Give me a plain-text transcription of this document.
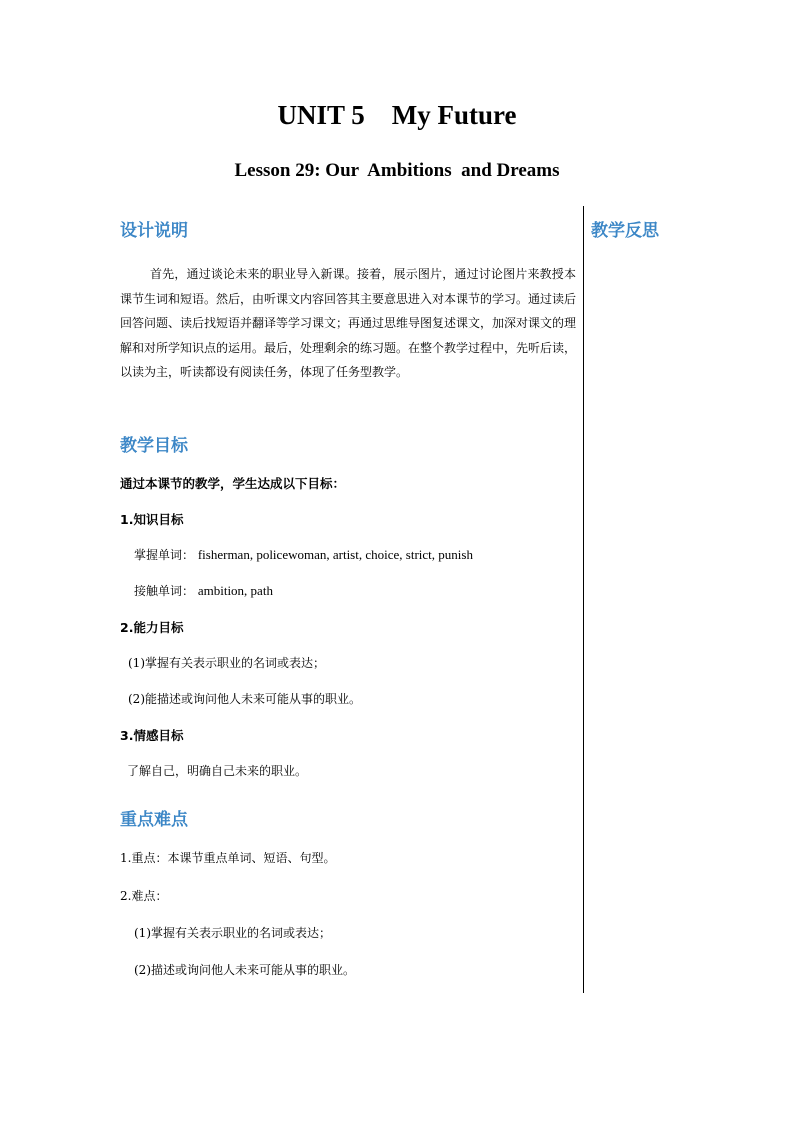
UNIT 5    My Future
Lesson 29: Our  Ambitions  and Dreams
教学反思
设计说明
首先，通过谈论未来的职业导入新课。接着，展示图片，通过讨论图片来教授本课节生词和短语。然后，由听课文内容回答其主要意思进入对本课节的学习。通过读后回答问题、读后找短语并翻译等学习课文；再通过思维导图复述课文，加深对课文的理解和对所学知识点的运用。最后，处理剩余的练习题。在整个教学过程中，先听后读，以读为主，听读都设有阅读任务，体现了任务型教学。
教学目标
通过本课节的教学，学生达成以下目标：
1.知识目标
掌握单词： fisherman, policewoman, artist, choice, strict, punish
接触单词： ambition, path
2.能力目标
(1)掌握有关表示职业的名词或表达；
(2)能描述或询问他人未来可能从事的职业。
3.情感目标
了解自己，明确自己未来的职业。
重点难点
1.重点：本课节重点单词、短语、句型。
2.难点：
(1)掌握有关表示职业的名词或表达；
(2)描述或询问他人未来可能从事的职业。
